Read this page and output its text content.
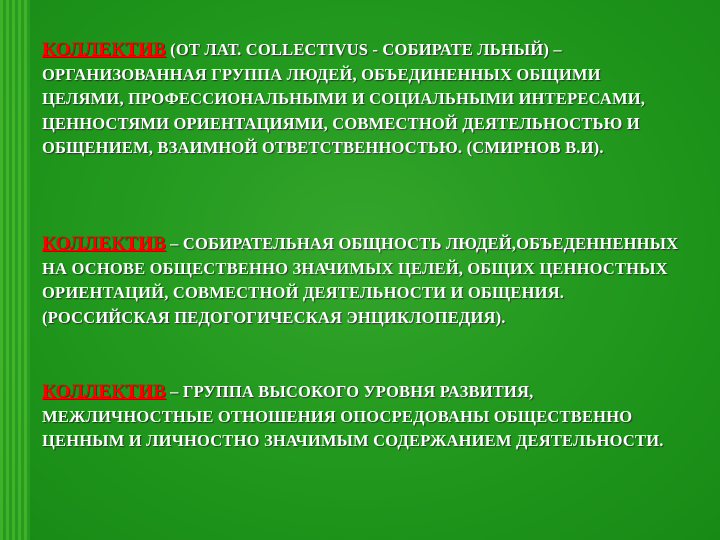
КОЛЛЕКТИВ (ОТ ЛАТ. COLLECTIVUS - СОБИРАТЕ ЛЬНЫЙ) – ОРГАНИЗОВАННАЯ ГРУППА ЛЮДЕЙ, ОБЪЕДИНЕННЫХ ОБЩИМИ ЦЕЛЯМИ, ПРОФЕССИОНАЛЬНЫМИ И СОЦИАЛЬНЫМИ ИНТЕРЕСАМИ, ЦЕННОСТЯМИ ОРИЕНТАЦИЯМИ, СОВМЕСТНОЙ ДЕЯТЕЛЬНОСТЬЮ И ОБЩЕНИЕМ, ВЗАИМНОЙ ОТВЕТСТВЕННОСТЬЮ. (СМИРНОВ В.И).
КОЛЛЕКТИВ – СОБИРАТЕЛЬНАЯ ОБЩНОСТЬ ЛЮДЕЙ,ОБЪЕДЕННЕННЫХ НА ОСНОВЕ ОБЩЕСТВЕННО ЗНАЧИМЫХ ЦЕЛЕЙ, ОБЩИХ ЦЕННОСТНЫХ ОРИЕНТАЦИЙ, СОВМЕСТНОЙ ДЕЯТЕЛЬНОСТИ И ОБЩЕНИЯ. (РОССИЙСКАЯ ПЕДОГОГИЧЕСКАЯ ЭНЦИКЛОПЕДИЯ).
КОЛЛЕКТИВ – ГРУППА ВЫСОКОГО УРОВНЯ РАЗВИТИЯ, МЕЖЛИЧНОСТНЫЕ ОТНОШЕНИЯ ОПОСРЕДОВАНЫ ОБЩЕСТВЕННО ЦЕННЫМ И ЛИЧНОСТНО ЗНАЧИМЫМ СОДЕРЖАНИЕМ ДЕЯТЕЛЬНОСТИ.
